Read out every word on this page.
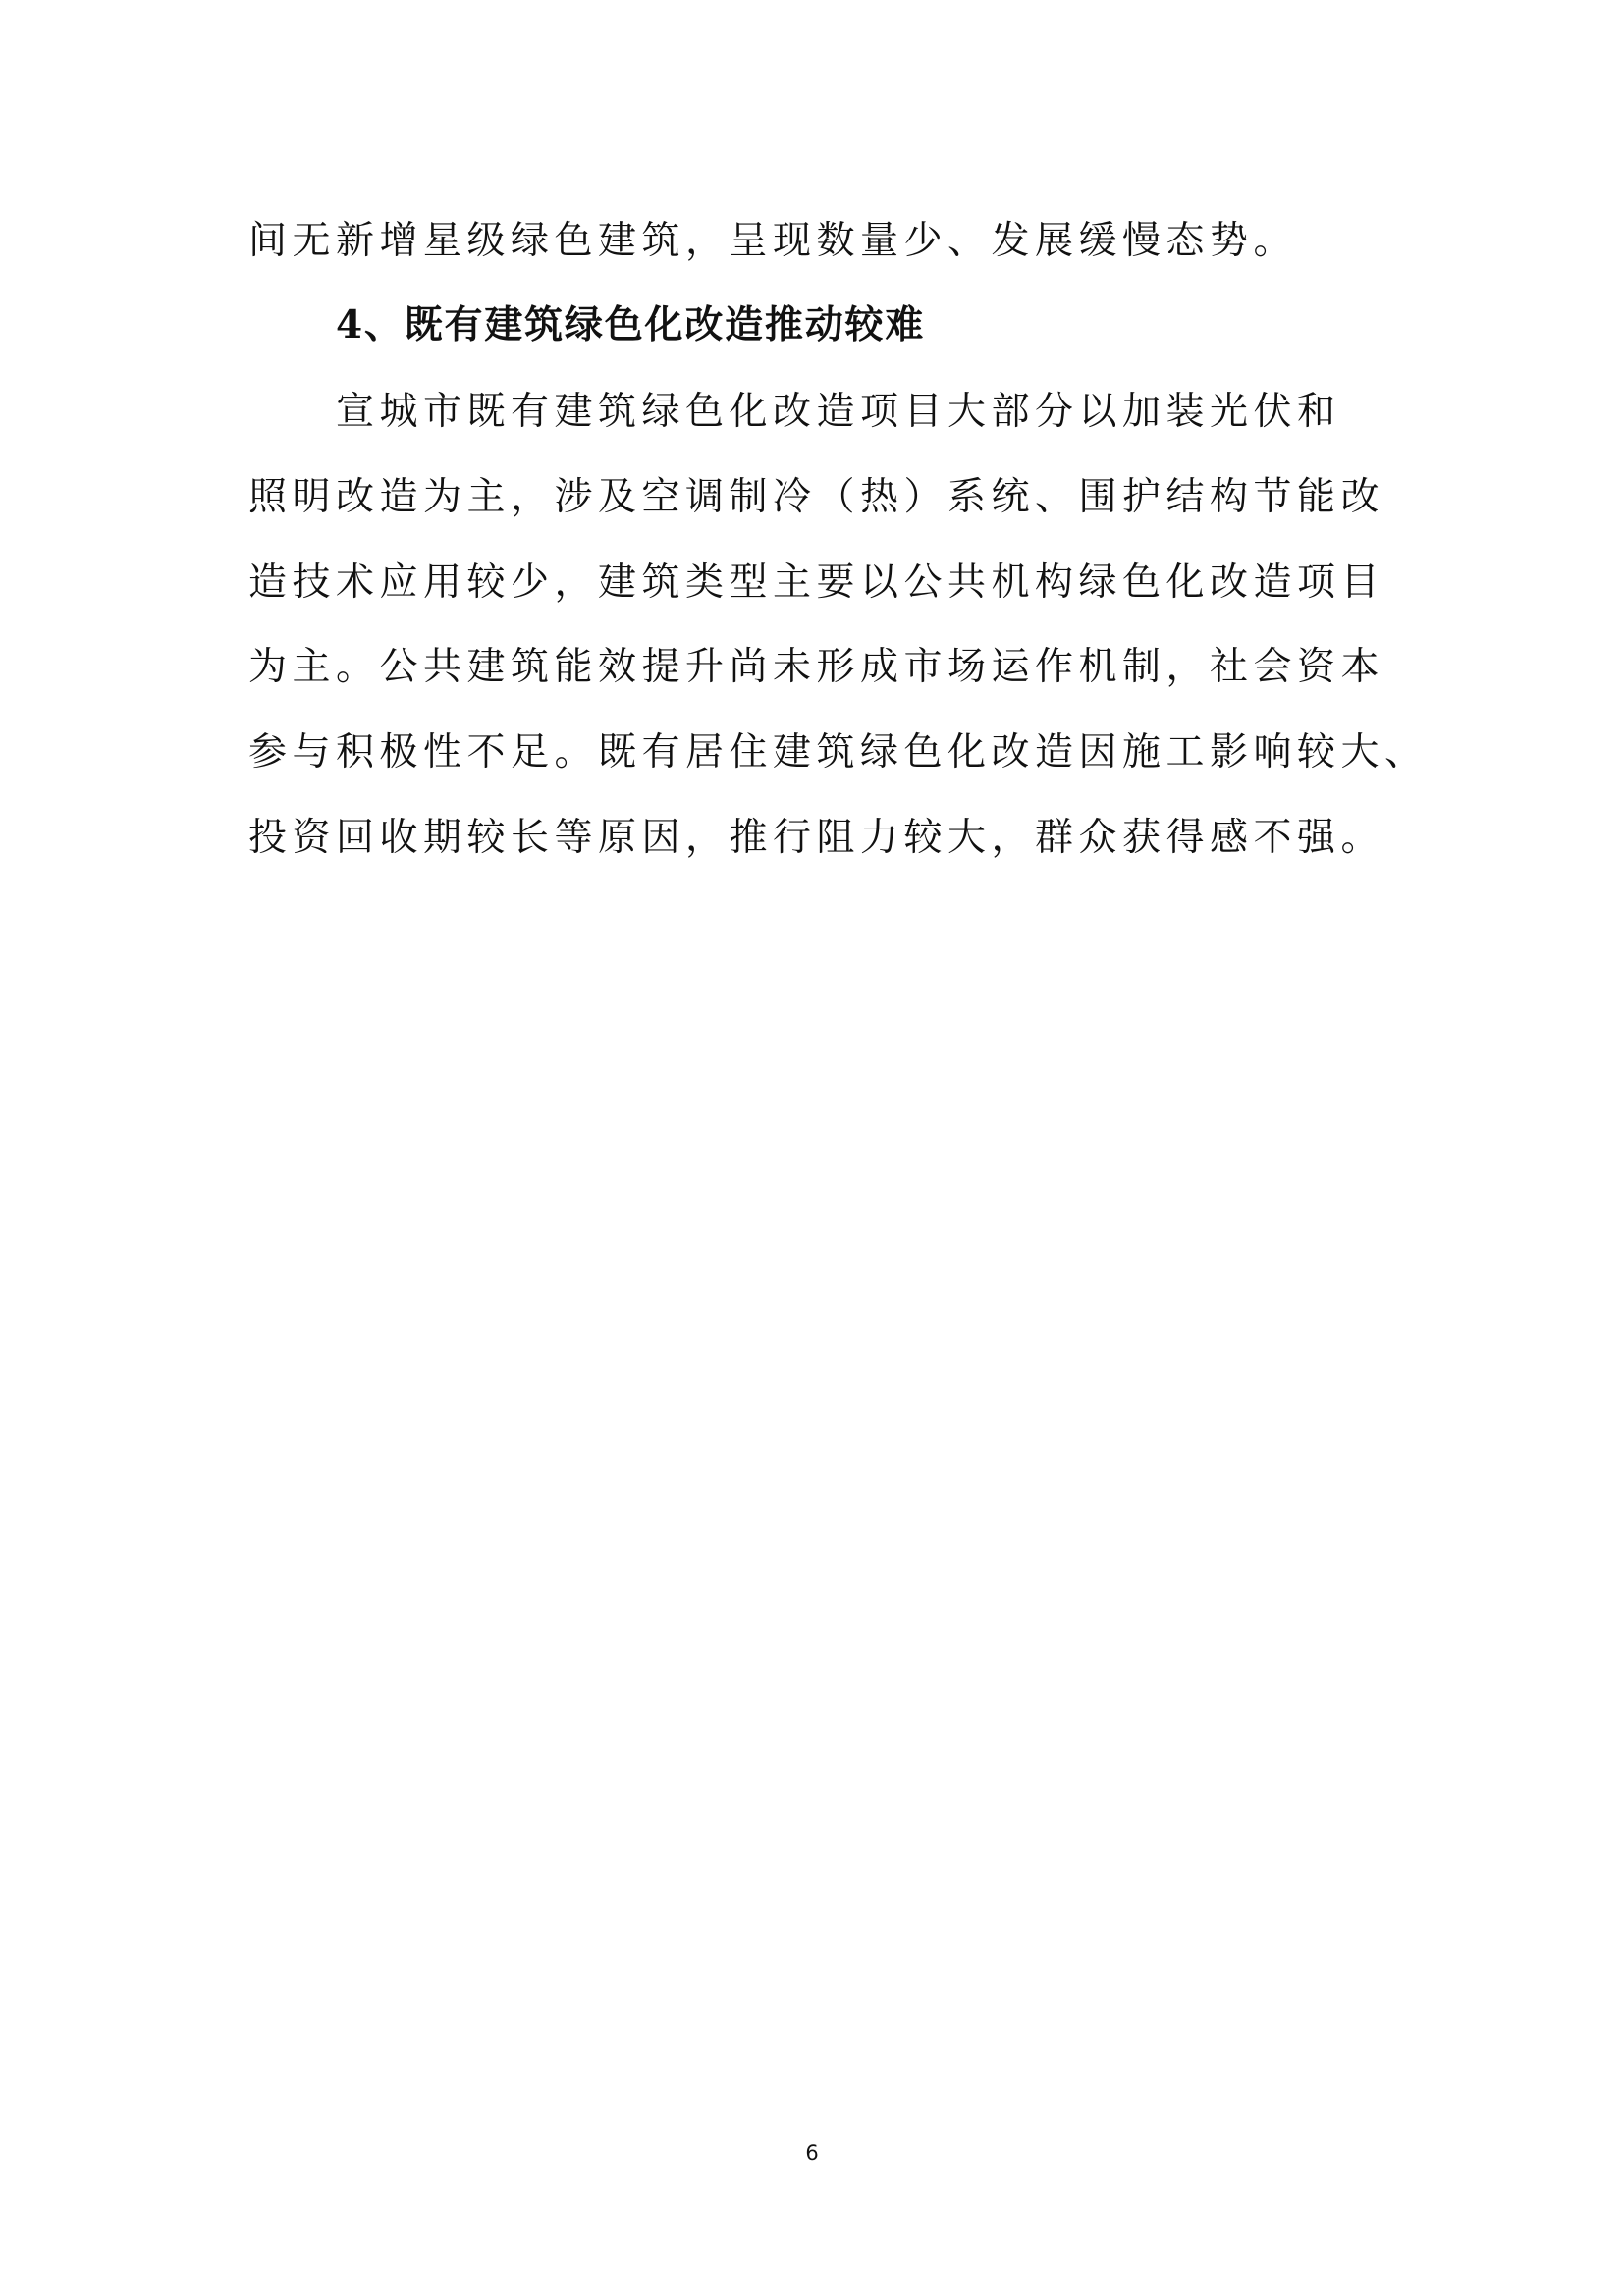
间无新增星级绿色建筑，呈现数量少、发展缓慢态势。
4、既有建筑绿色化改造推动较难
宣城市既有建筑绿色化改造项目大部分以加装光伏和
照明改造为主，涉及空调制冷（热）系统、围护结构节能改
造技术应用较少，建筑类型主要以公共机构绿色化改造项目
为主。公共建筑能效提升尚未形成市场运作机制，社会资本
参与积极性不足。既有居住建筑绿色化改造因施工影响较大、
投资回收期较长等原因，推行阻力较大，群众获得感不强。
6
